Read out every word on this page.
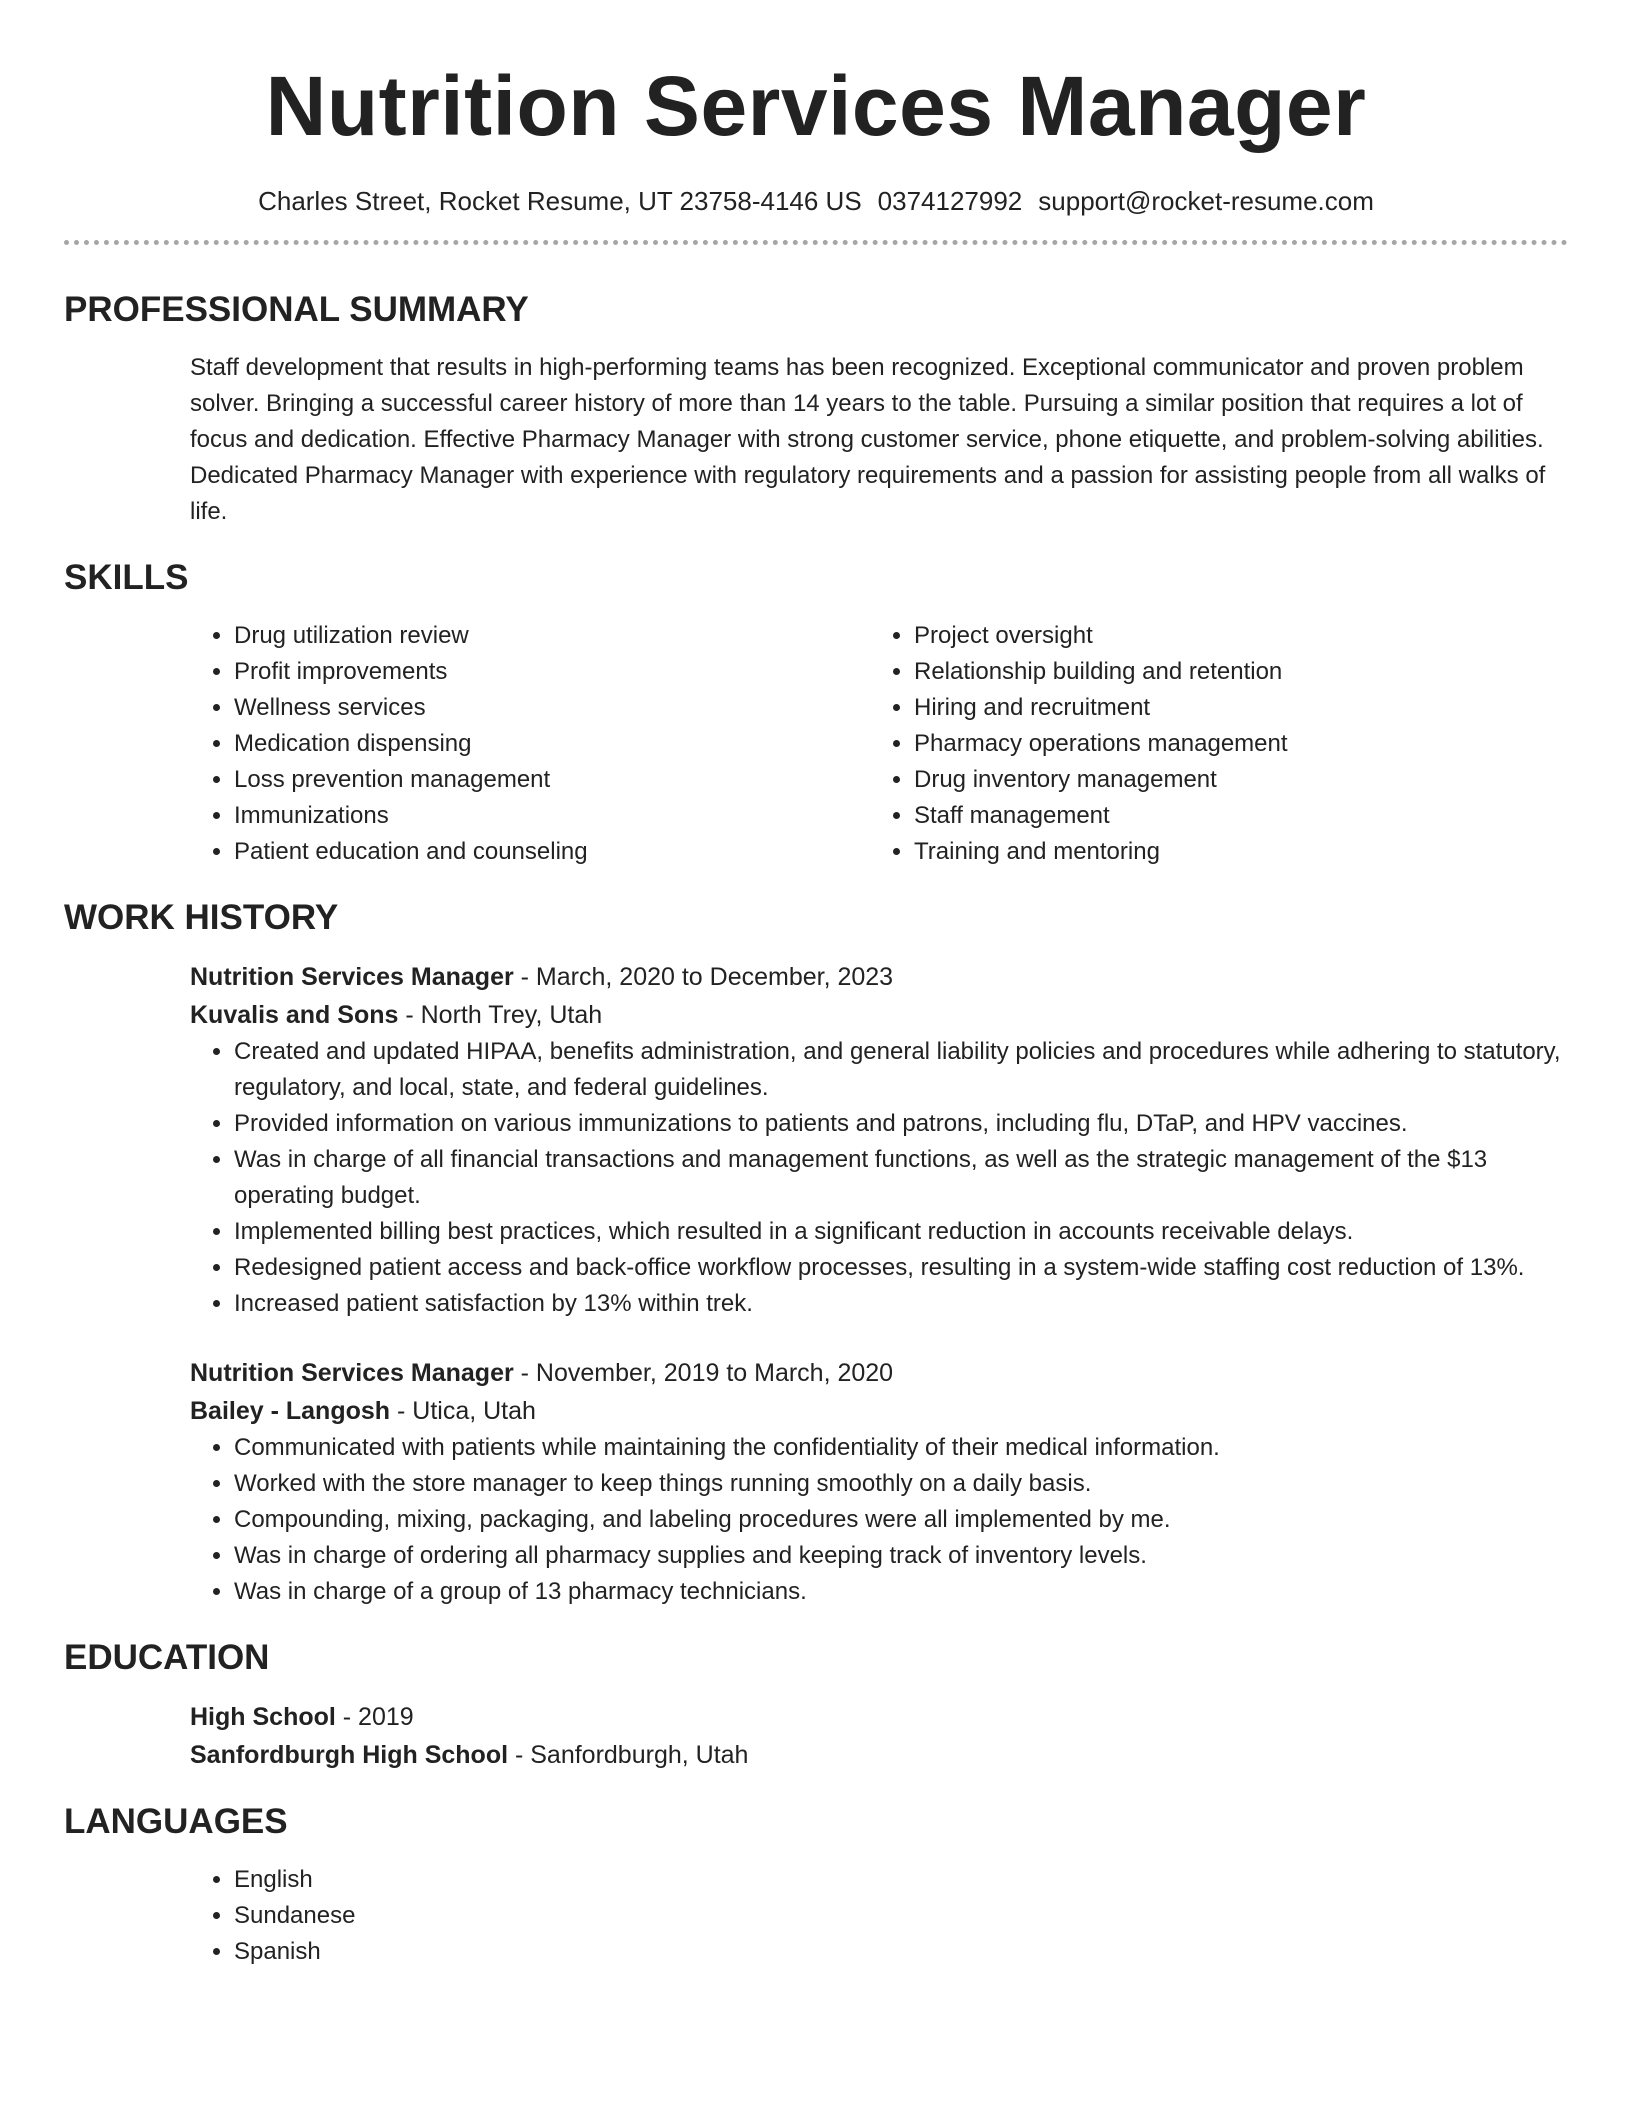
Nutrition Services Manager
Charles Street, Rocket Resume, UT 23758-4146 US 0374127992 support@rocket-resume.com
PROFESSIONAL SUMMARY
Staff development that results in high-performing teams has been recognized. Exceptional communicator and proven problem solver. Bringing a successful career history of more than 14 years to the table. Pursuing a similar position that requires a lot of focus and dedication. Effective Pharmacy Manager with strong customer service, phone etiquette, and problem-solving abilities. Dedicated Pharmacy Manager with experience with regulatory requirements and a passion for assisting people from all walks of life.
SKILLS
• Drug utilization review
• Profit improvements
• Wellness services
• Medication dispensing
• Loss prevention management
• Immunizations
• Patient education and counseling
• Project oversight
• Relationship building and retention
• Hiring and recruitment
• Pharmacy operations management
• Drug inventory management
• Staff management
• Training and mentoring
WORK HISTORY
Nutrition Services Manager - March, 2020 to December, 2023
Kuvalis and Sons - North Trey, Utah
• Created and updated HIPAA, benefits administration, and general liability policies and procedures while adhering to statutory, regulatory, and local, state, and federal guidelines.
• Provided information on various immunizations to patients and patrons, including flu, DTaP, and HPV vaccines.
• Was in charge of all financial transactions and management functions, as well as the strategic management of the $13 operating budget.
• Implemented billing best practices, which resulted in a significant reduction in accounts receivable delays.
• Redesigned patient access and back-office workflow processes, resulting in a system-wide staffing cost reduction of 13%.
• Increased patient satisfaction by 13% within trek.
Nutrition Services Manager - November, 2019 to March, 2020
Bailey - Langosh - Utica, Utah
• Communicated with patients while maintaining the confidentiality of their medical information.
• Worked with the store manager to keep things running smoothly on a daily basis.
• Compounding, mixing, packaging, and labeling procedures were all implemented by me.
• Was in charge of ordering all pharmacy supplies and keeping track of inventory levels.
• Was in charge of a group of 13 pharmacy technicians.
EDUCATION
High School - 2019
Sanfordburgh High School - Sanfordburgh, Utah
LANGUAGES
• English
• Sundanese
• Spanish
